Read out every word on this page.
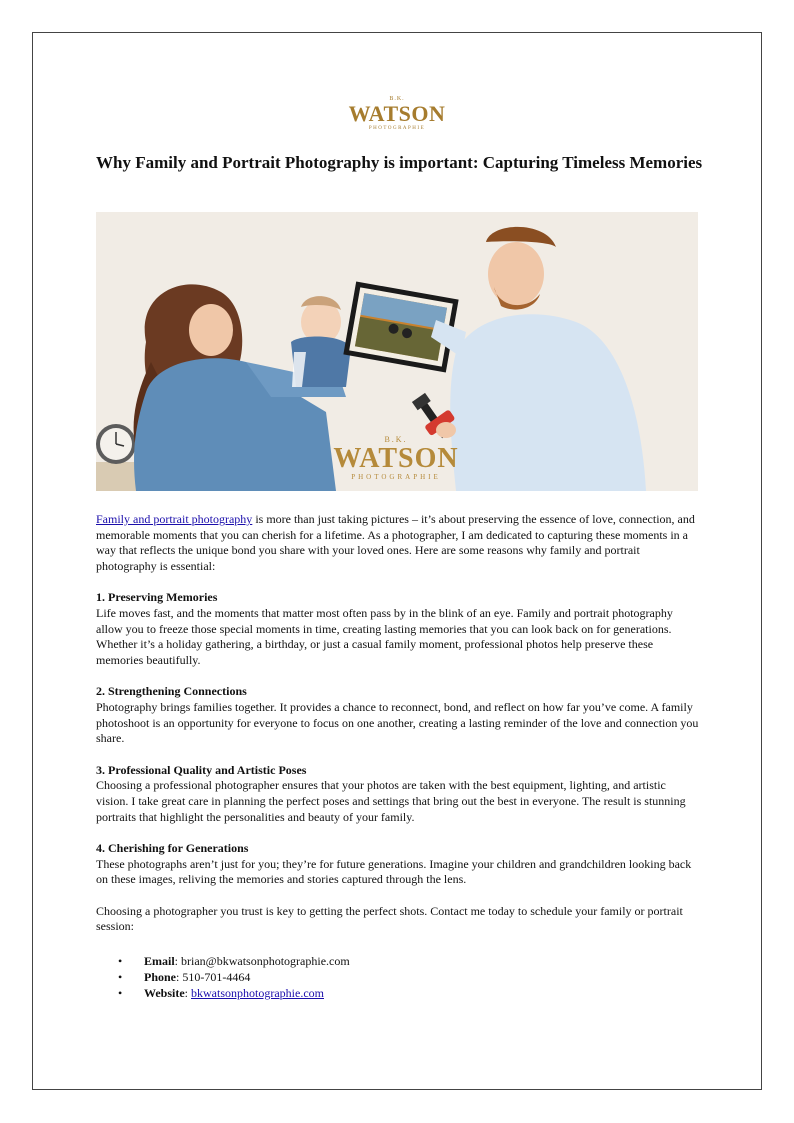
B.K.
WATSON
PHOTOGRAPHIE
Why Family and Portrait Photography is important: Capturing Timeless Memories
B.K.
WATSON
PHOTOGRAPHIE

Family and portrait photography is more than just taking pictures – it’s about preserving the essence of love, connection, and memorable moments that you can cherish for a lifetime. As a photographer, I am dedicated to capturing these moments in a way that reflects the unique bond you share with your loved ones. Here are some reasons why family and portrait photography is essential:

1. Preserving Memories

Life moves fast, and the moments that matter most often pass by in the blink of an eye. Family and portrait photography allow you to freeze those special moments in time, creating lasting memories that you can look back on for generations. Whether it’s a holiday gathering, a birthday, or just a casual family moment, professional photos help preserve these memories beautifully.

2. Strengthening Connections

Photography brings families together. It provides a chance to reconnect, bond, and reflect on how far you’ve come. A family photoshoot is an opportunity for everyone to focus on one another, creating a lasting reminder of the love and connection you share.

3. Professional Quality and Artistic Poses

Choosing a professional photographer ensures that your photos are taken with the best equipment, lighting, and artistic vision. I take great care in planning the perfect poses and settings that bring out the best in everyone. The result is stunning portraits that highlight the personalities and beauty of your family.

4. Cherishing for Generations

These photographs aren’t just for you; they’re for future generations. Imagine your children and grandchildren looking back on these images, reliving the memories and stories captured through the lens.

Choosing a photographer you trust is key to getting the perfect shots. Contact me today to schedule your family or portrait session:

• Email: brian@bkwatsonphotographie.com
• Phone: 510-701-4464
• Website: bkwatsonphotographie.com
